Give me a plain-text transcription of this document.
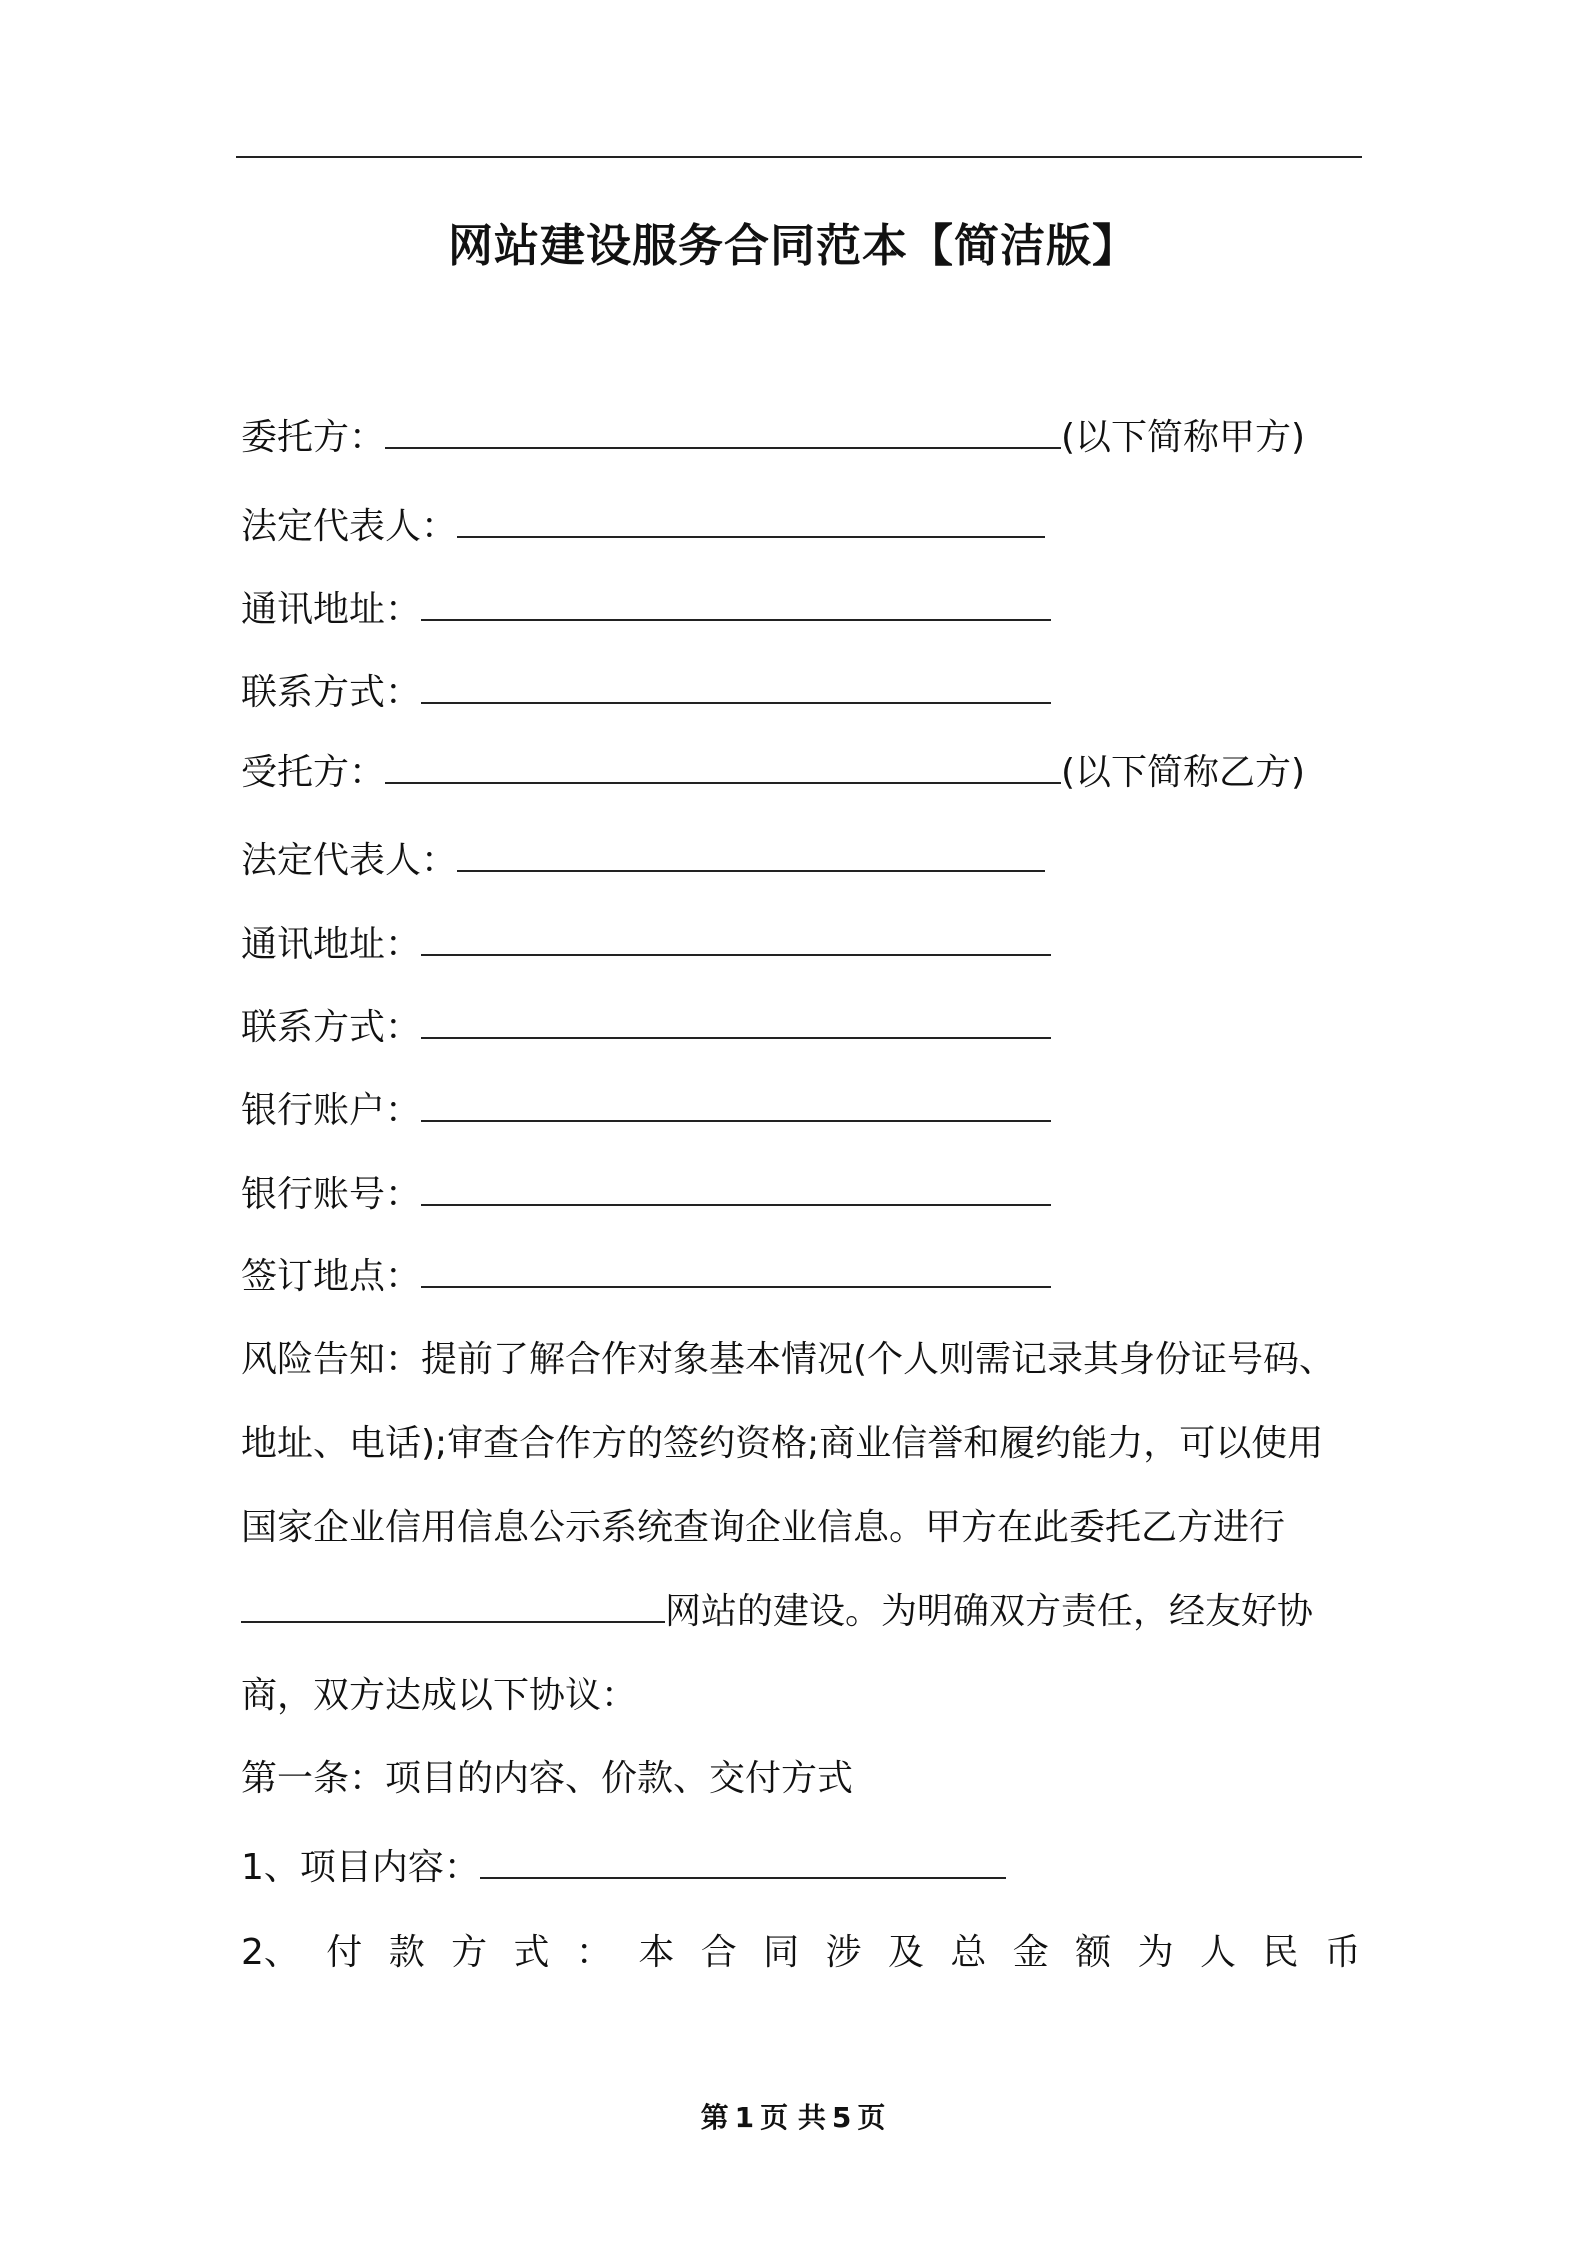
网站建设服务合同范本【简洁版】
委托方：	(以下简称甲方)
法定代表人：
通讯地址：
联系方式：
受托方：	(以下简称乙方)
法定代表人：
通讯地址：
联系方式：
银行账户：
银行账号：
签订地点：
风险告知：提前了解合作对象基本情况(个人则需记录其身份证号码、
地址、电话);审查合作方的签约资格;商业信誉和履约能力，可以使用
国家企业信用信息公示系统查询企业信息。甲方在此委托乙方进行
网站的建设。为明确双方责任，经友好协
商，双方达成以下协议：
第一条：项目的内容、价款、交付方式
1、项目内容：
2、 付 款 方 式 ： 本 合 同 涉 及 总 金 额 为 人 民 币
第 1 页 共 5 页
